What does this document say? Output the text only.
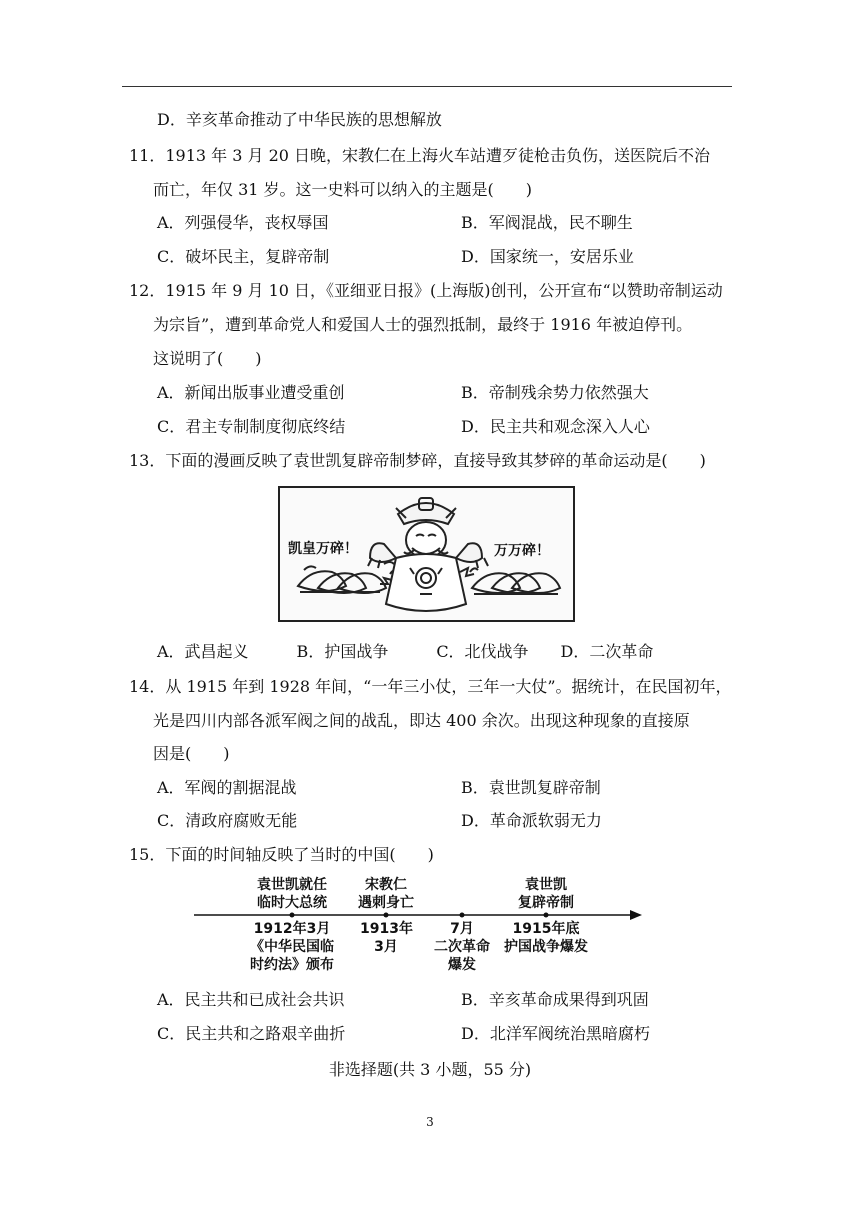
D．辛亥革命推动了中华民族的思想解放
11．1913 年 3 月 20 日晚，宋教仁在上海火车站遭歹徒枪击负伤，送医院后不治
而亡，年仅 31 岁。这一史料可以纳入的主题是(　　)
A．列强侵华，丧权辱国	B．军阀混战，民不聊生
C．破坏民主，复辟帝制	D．国家统一，安居乐业
12．1915 年 9 月 10 日，《亚细亚日报》(上海版)创刊，公开宣布“以赞助帝制运动
为宗旨”，遭到革命党人和爱国人士的强烈抵制，最终于 1916 年被迫停刊。
这说明了(　　)
A．新闻出版事业遭受重创	B．帝制残余势力依然强大
C．君主专制制度彻底终结	D．民主共和观念深入人心
13．下面的漫画反映了袁世凯复辟帝制梦碎，直接导致其梦碎的革命运动是(　　)
凯皇万碎！	万万碎！
A．武昌起义　　　B．护国战争　　　C．北伐战争　　D．二次革命
14．从 1915 年到 1928 年间，“一年三小仗，三年一大仗”。据统计，在民国初年，
光是四川内部各派军阀之间的战乱，即达 400 余次。出现这种现象的直接原
因是(　　)
A．军阀的割据混战	B．袁世凯复辟帝制
C．清政府腐败无能	D．革命派软弱无力
15．下面的时间轴反映了当时的中国(　　)
袁世凯就任
临时大总统
宋教仁
遇刺身亡
袁世凯
复辟帝制
1912年3月
《中华民国临
时约法》颁布
1913年
3月
7月
二次革命
爆发
1915年底
护国战争爆发
A．民主共和已成社会共识	B．辛亥革命成果得到巩固
C．民主共和之路艰辛曲折	D．北洋军阀统治黑暗腐朽
非选择题(共 3 小题，55 分)
3
